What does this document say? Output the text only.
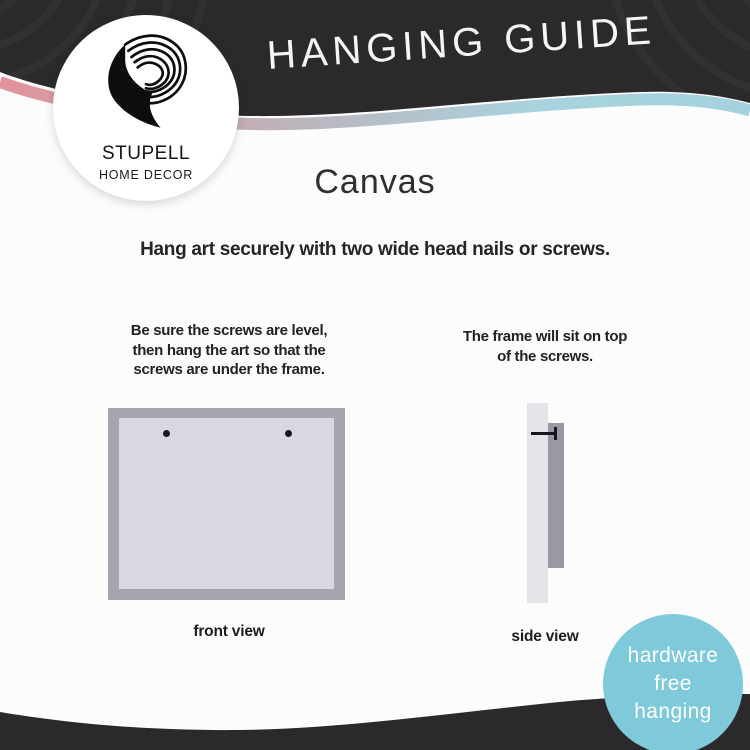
HANGING GUIDE
STUPELL
HOME DECOR	Canvas
Hang art securely with two wide head nails or screws.
Be sure the screws are level,
then hang the art so that the
screws are under the frame.
front view
The frame will sit on top
of the screws.
side view
hardware
free
hanging
